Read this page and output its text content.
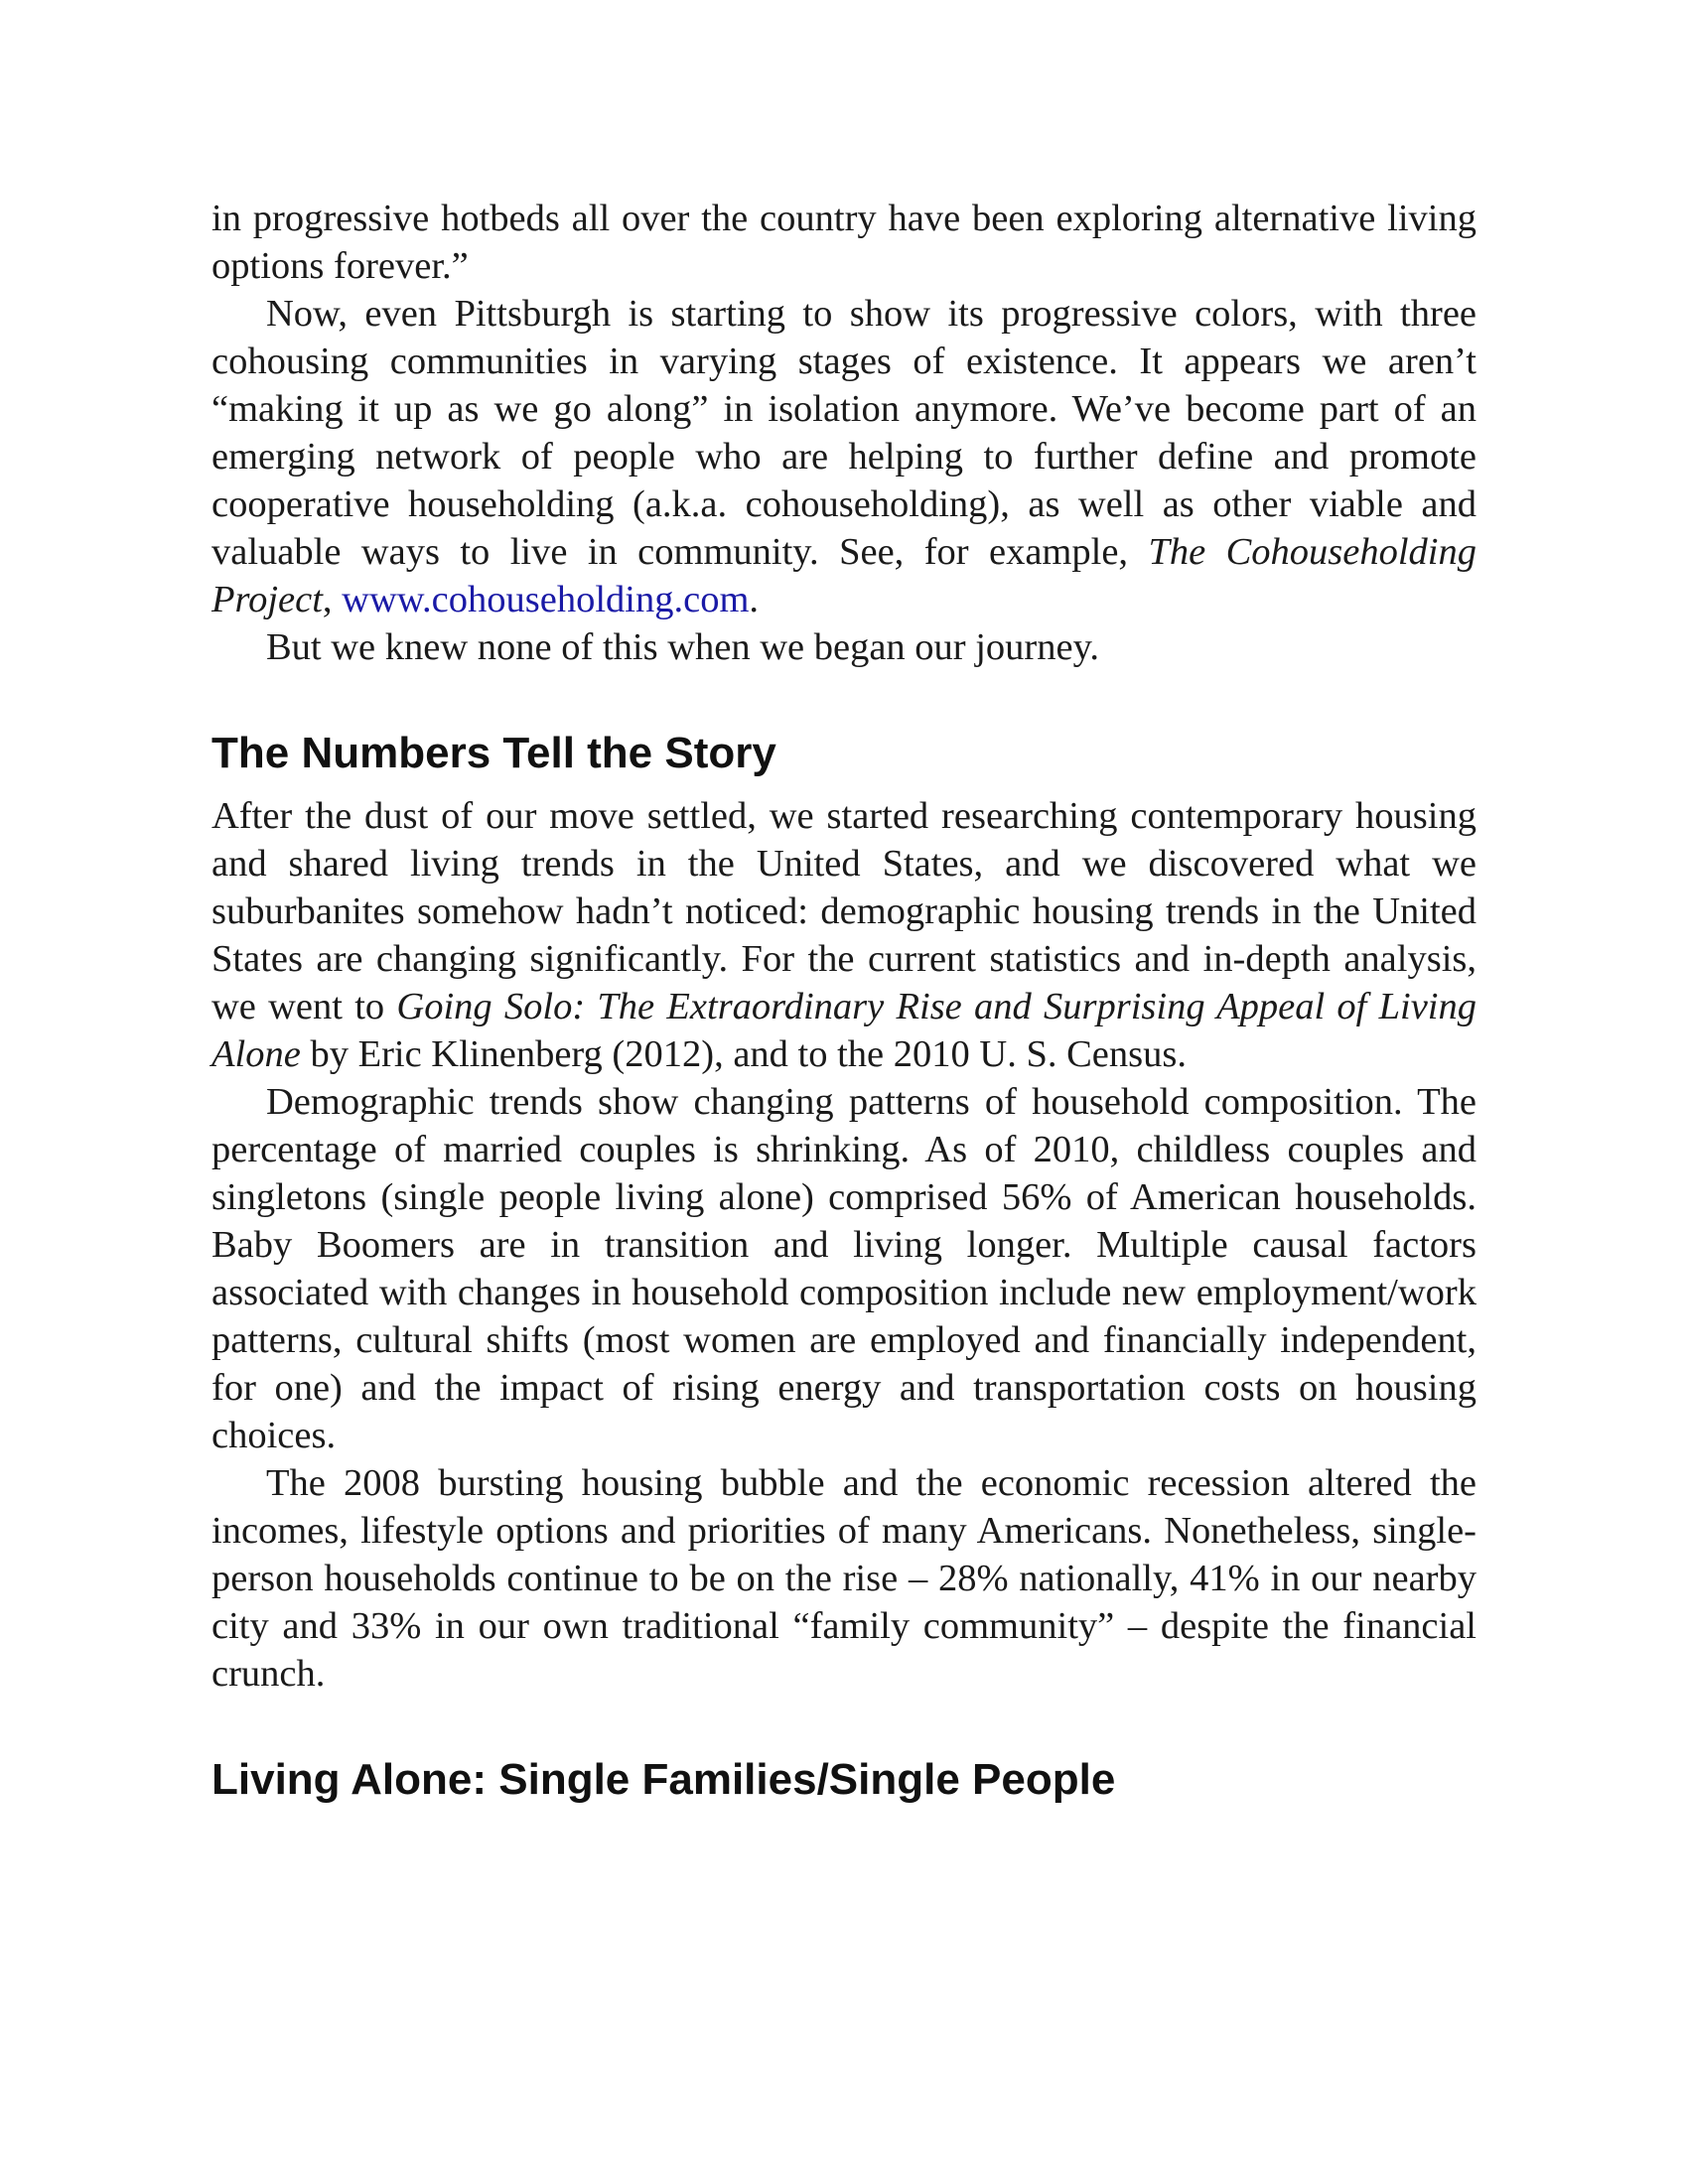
in progressive hotbeds all over the country have been exploring alternative living options forever.”

Now, even Pittsburgh is starting to show its progressive colors, with three cohousing communities in varying stages of existence. It appears we aren’t “making it up as we go along” in isolation anymore. We’ve become part of an emerging network of people who are helping to further define and promote cooperative householding (a.k.a. cohouseholding), as well as other viable and valuable ways to live in community. See, for example, The Cohouseholding Project, www.cohouseholding.com.

But we knew none of this when we began our journey.

The Numbers Tell the Story

After the dust of our move settled, we started researching contemporary housing and shared living trends in the United States, and we discovered what we suburbanites somehow hadn’t noticed: demographic housing trends in the United States are changing significantly. For the current statistics and in-depth analysis, we went to Going Solo: The Extraordinary Rise and Surprising Appeal of Living Alone by Eric Klinenberg (2012), and to the 2010 U. S. Census.

Demographic trends show changing patterns of household composition. The percentage of married couples is shrinking. As of 2010, childless couples and singletons (single people living alone) comprised 56% of American households. Baby Boomers are in transition and living longer. Multiple causal factors associated with changes in household composition include new employment/work patterns, cultural shifts (most women are employed and financially independent, for one) and the impact of rising energy and transportation costs on housing choices.

The 2008 bursting housing bubble and the economic recession altered the incomes, lifestyle options and priorities of many Americans. Nonetheless, single-person households continue to be on the rise – 28% nationally, 41% in our nearby city and 33% in our own traditional “family community” – despite the financial crunch.

Living Alone: Single Families/Single People
